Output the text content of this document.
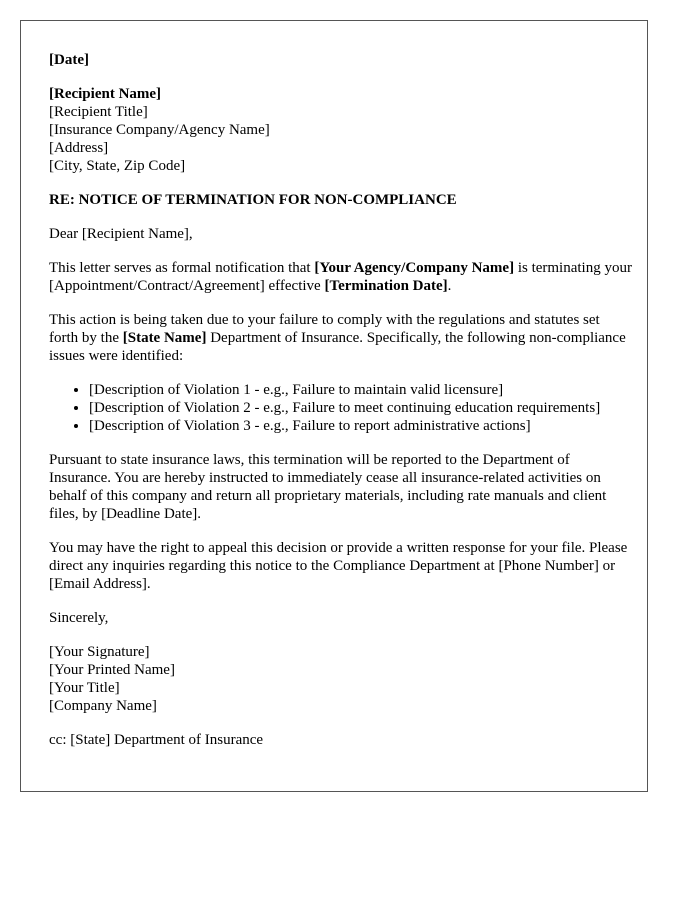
[Date]

[Recipient Name]
[Recipient Title]
[Insurance Company/Agency Name]
[Address]
[City, State, Zip Code]

RE: NOTICE OF TERMINATION FOR NON-COMPLIANCE

Dear [Recipient Name],

This letter serves as formal notification that [Your Agency/Company Name] is terminating your [Appointment/Contract/Agreement] effective [Termination Date].

This action is being taken due to your failure to comply with the regulations and statutes set forth by the [State Name] Department of Insurance. Specifically, the following non-compliance issues were identified:

• [Description of Violation 1 - e.g., Failure to maintain valid licensure]
• [Description of Violation 2 - e.g., Failure to meet continuing education requirements]
• [Description of Violation 3 - e.g., Failure to report administrative actions]

Pursuant to state insurance laws, this termination will be reported to the Department of Insurance. You are hereby instructed to immediately cease all insurance-related activities on behalf of this company and return all proprietary materials, including rate manuals and client files, by [Deadline Date].

You may have the right to appeal this decision or provide a written response for your file. Please direct any inquiries regarding this notice to the Compliance Department at [Phone Number] or [Email Address].

Sincerely,

[Your Signature]
[Your Printed Name]
[Your Title]
[Company Name]

cc: [State] Department of Insurance
